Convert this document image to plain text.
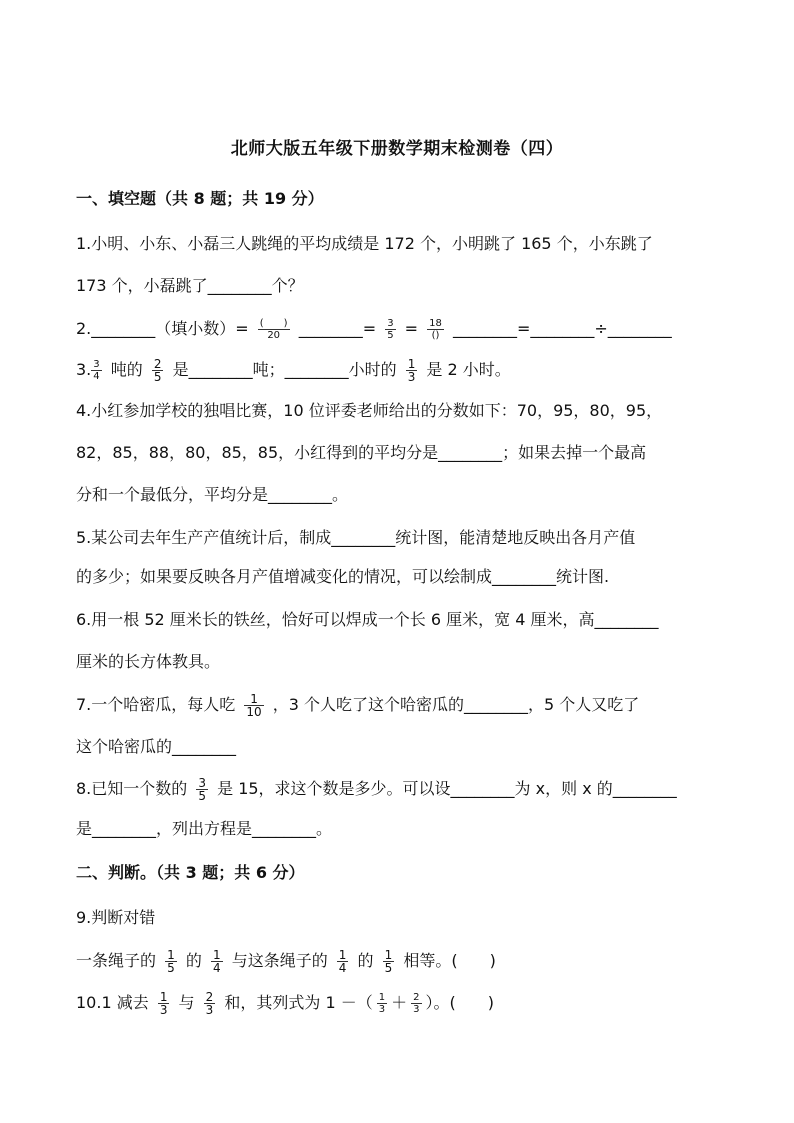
北师大版五年级下册数学期末检测卷（四）
一、填空题（共 8 题；共 19 分）
1.小明、小东、小磊三人跳绳的平均成绩是 172 个，小明跳了 165 个，小东跳了
173 个，小磊跳了________个？
2.________（填小数）= $\frac{( )}{20}$ ________= $\frac{3}{5} = \frac{18}{()}$ ________=________÷________
3. $\frac{3}{4}$ 吨的 $\frac{2}{5}$ 是________吨；________小时的 $\frac{1}{3}$ 是 2 小时。
4.小红参加学校的独唱比赛，10 位评委老师给出的分数如下：70，95，80，95，
82，85，88，80，85，85，小红得到的平均分是________；如果去掉一个最高
分和一个最低分，平均分是________。
5.某公司去年生产产值统计后，制成________统计图，能清楚地反映出各月产值
的多少；如果要反映各月产值增减变化的情况，可以绘制成________统计图.
6.用一根 52 厘米长的铁丝，恰好可以焊成一个长 6 厘米，宽 4 厘米，高________
厘米的长方体教具。
7.一个哈密瓜，每人吃 $\frac{1}{10}$ ，3 个人吃了这个哈密瓜的________，5 个人又吃了
这个哈密瓜的________
8.已知一个数的 $\frac{3}{5}$ 是 15，求这个数是多少。可以设________为 x，则 x 的________
是________，列出方程是________。
二、判断。（共 3 题；共 6 分）
9.判断对错
一条绳子的 $\frac{1}{5}$ 的 $\frac{1}{4}$ 与这条绳子的 $\frac{1}{4}$ 的 $\frac{1}{5}$ 相等。(　　)
10.1 减去 $\frac{1}{3}$ 与 $\frac{2}{3}$ 和，其列式为 1 －（ $\frac{1}{3} + \frac{2}{3}$ ）。(　　)
